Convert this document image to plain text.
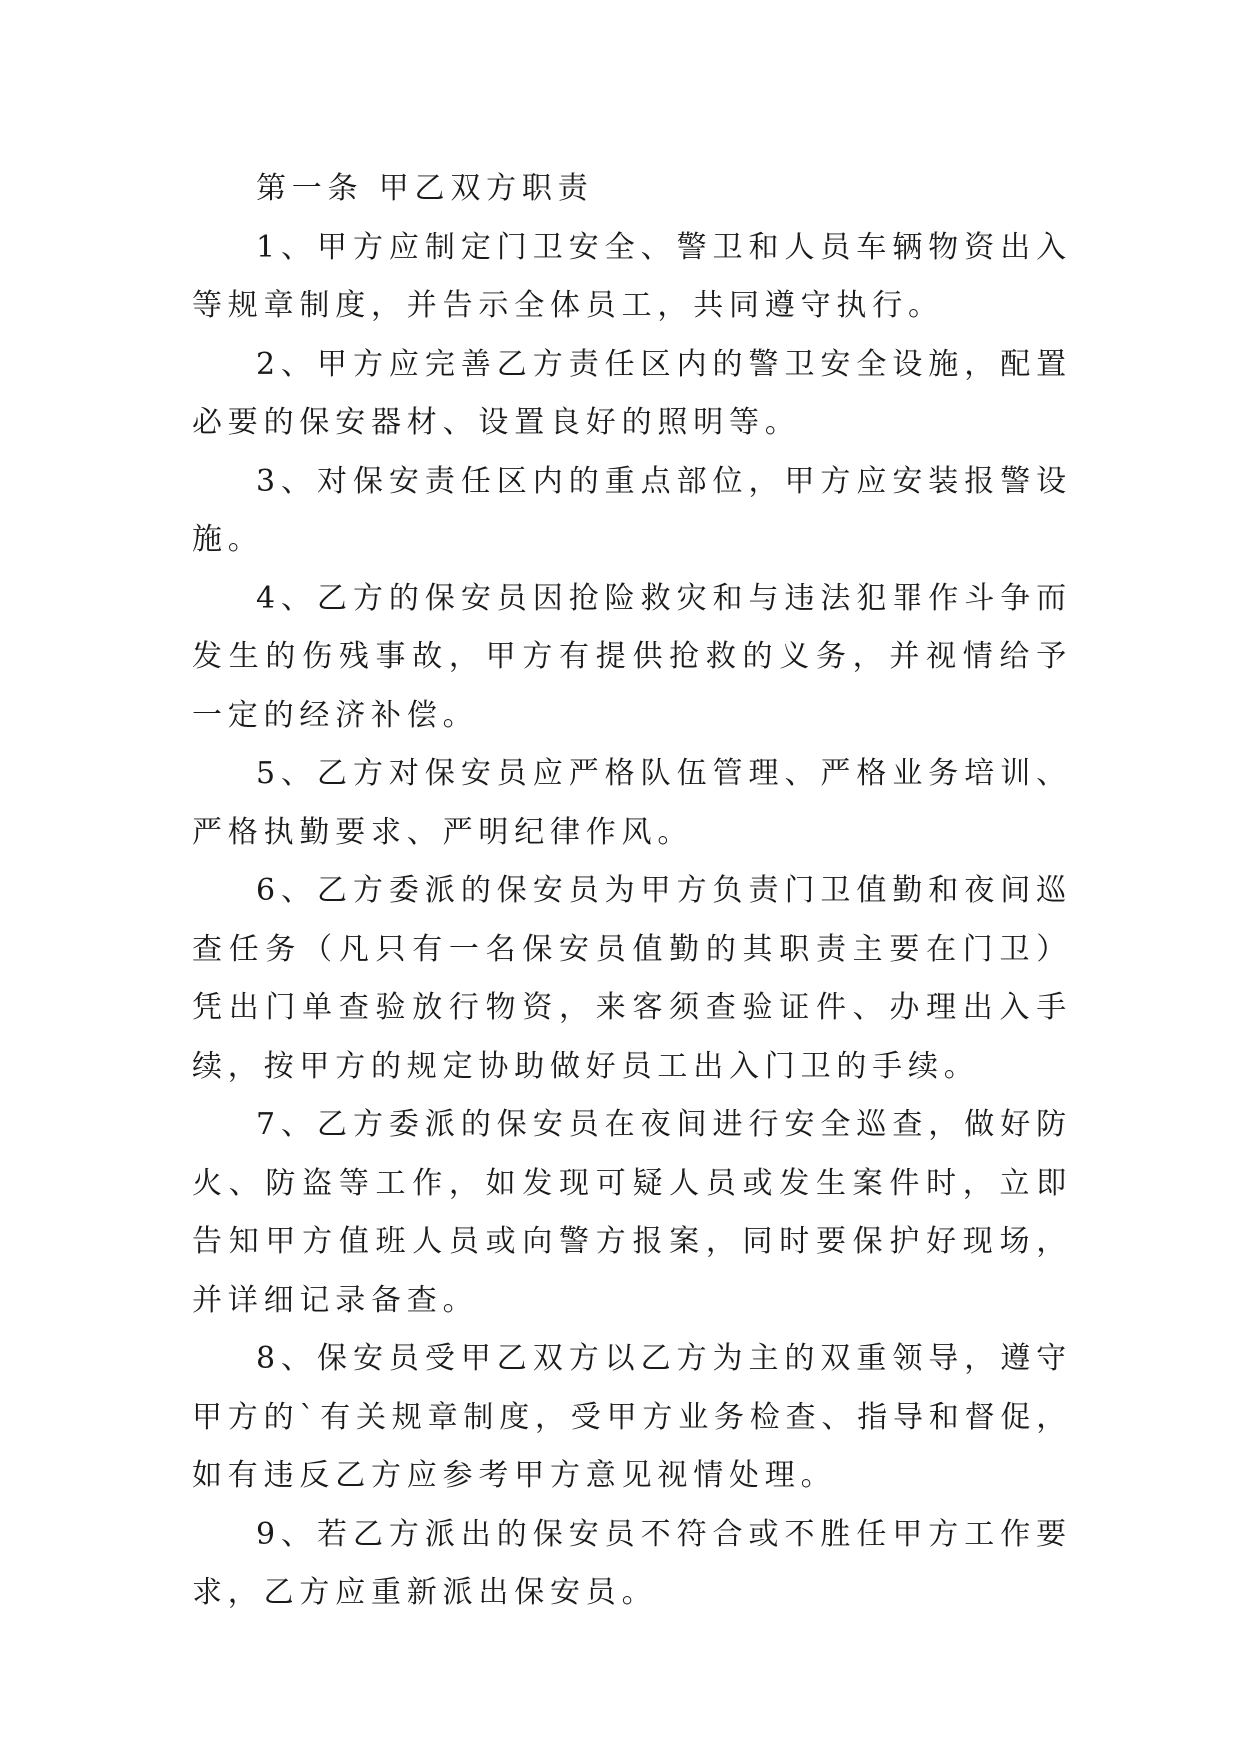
第一条 甲乙双方职责

1、甲方应制定门卫安全、警卫和人员车辆物资出入等规章制度，并告示全体员工，共同遵守执行。

2、甲方应完善乙方责任区内的警卫安全设施，配置必要的保安器材、设置良好的照明等。

3、对保安责任区内的重点部位，甲方应安装报警设施。

4、乙方的保安员因抢险救灾和与违法犯罪作斗争而发生的伤残事故，甲方有提供抢救的义务，并视情给予一定的经济补偿。

5、乙方对保安员应严格队伍管理、严格业务培训、严格执勤要求、严明纪律作风。

6、乙方委派的保安员为甲方负责门卫值勤和夜间巡查任务（凡只有一名保安员值勤的其职责主要在门卫）凭出门单查验放行物资，来客须查验证件、办理出入手续，按甲方的规定协助做好员工出入门卫的手续。

7、乙方委派的保安员在夜间进行安全巡查，做好防火、防盗等工作，如发现可疑人员或发生案件时，立即告知甲方值班人员或向警方报案，同时要保护好现场，并详细记录备查。

8、保安员受甲乙双方以乙方为主的双重领导，遵守甲方的`有关规章制度，受甲方业务检查、指导和督促，如有违反乙方应参考甲方意见视情处理。

9、若乙方派出的保安员不符合或不胜任甲方工作要求，乙方应重新派出保安员。
